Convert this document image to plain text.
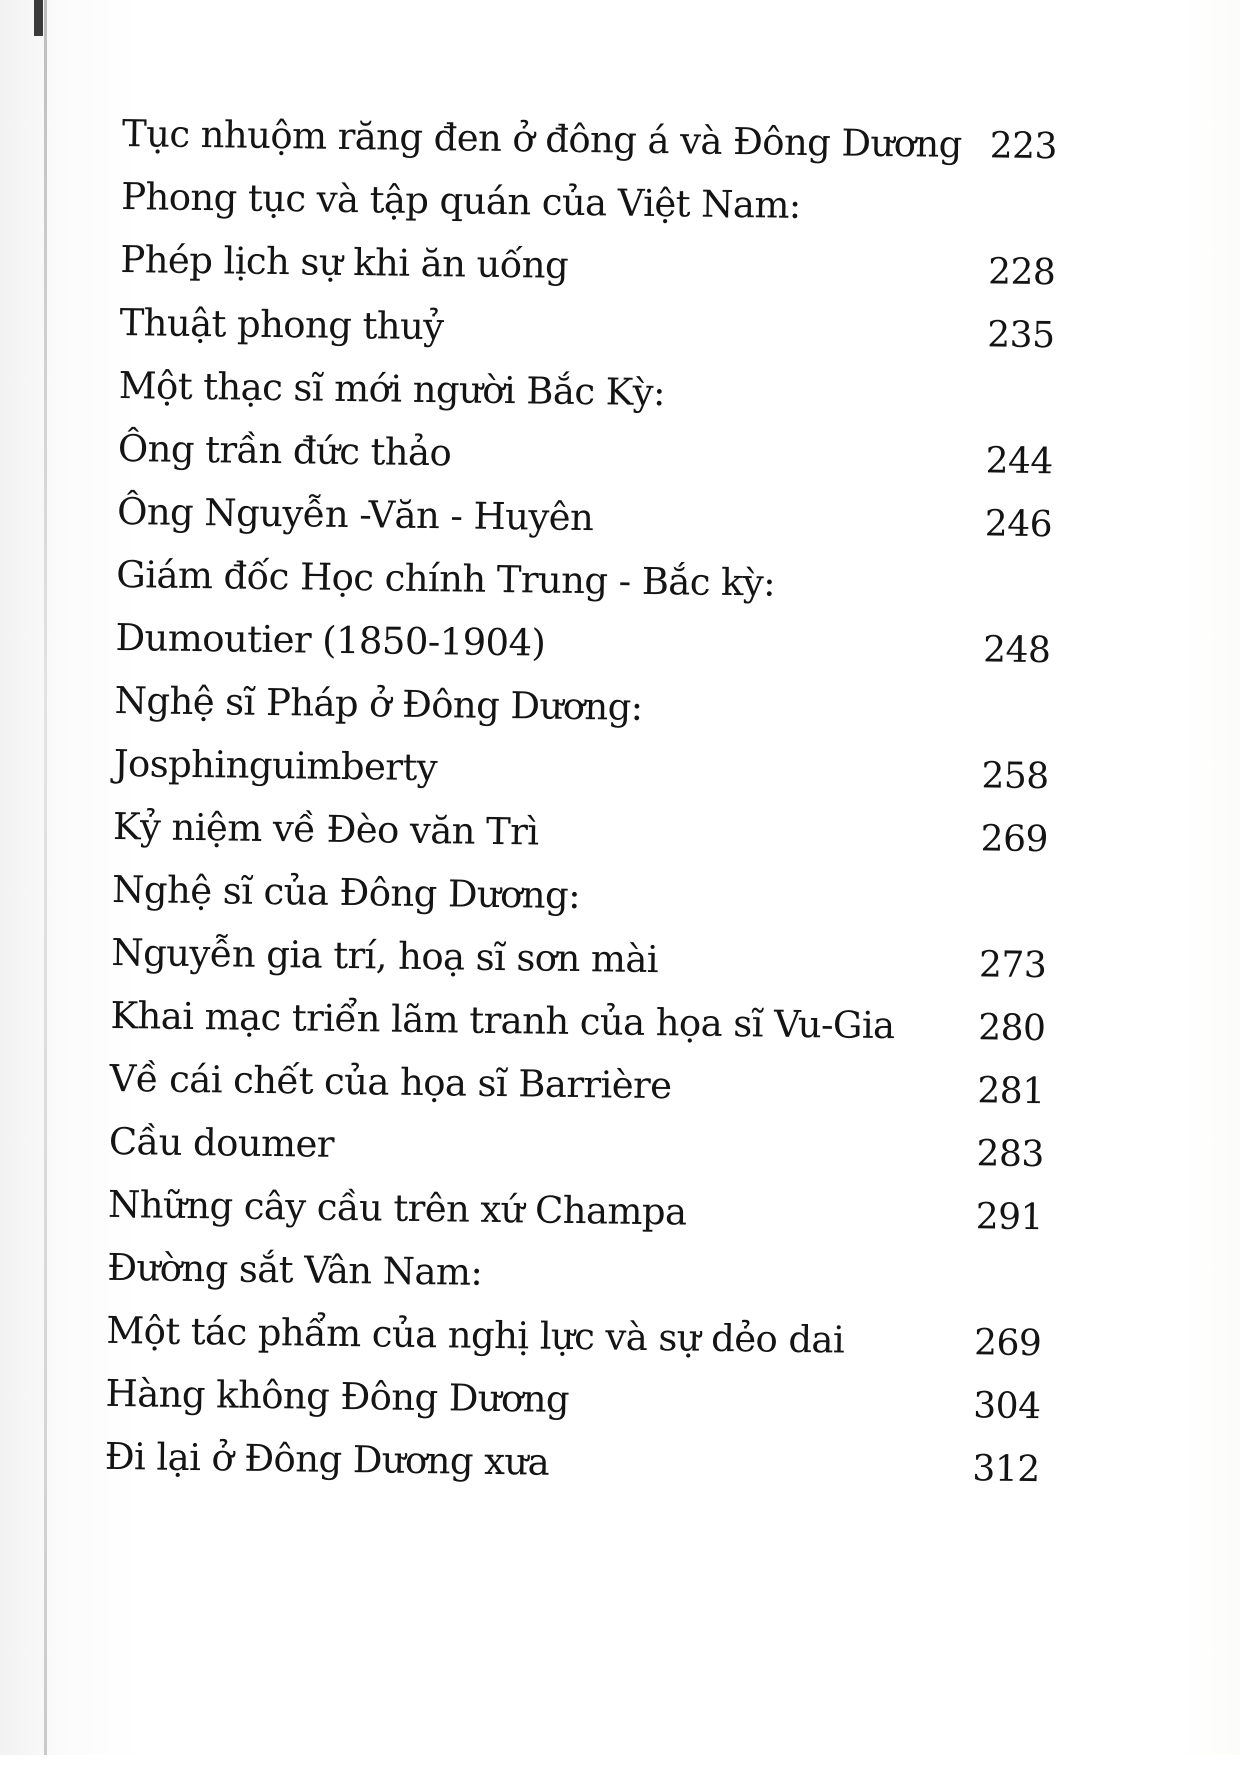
Tục nhuộm răng đen ở đông á và Đông Dương 223
Phong tục và tập quán của Việt Nam:
Phép lịch sự khi ăn uống	228
Thuật phong thuỷ	235
Một thạc sĩ mới người Bắc Kỳ:
Ông trần đức thảo	244
Ông Nguyễn -Văn - Huyên	246
Giám đốc Học chính Trung - Bắc kỳ:
Dumoutier (1850-1904)	248
Nghệ sĩ Pháp ở Đông Dương:
Josphinguimberty	258
Kỷ niệm về Đèo văn Trì	269
Nghệ sĩ của Đông Dương:
Nguyễn gia trí, hoạ sĩ sơn mài	273
Khai mạc triển lãm tranh của họa sĩ Vu-Gia	280
Về cái chết của họa sĩ Barrière	281
Cầu doumer	283
Những cây cầu trên xứ Champa	291
Đường sắt Vân Nam:
Một tác phẩm của nghị lực và sự dẻo dai	269
Hàng không Đông Dương	304
Đi lại ở Đông Dương xưa	312
